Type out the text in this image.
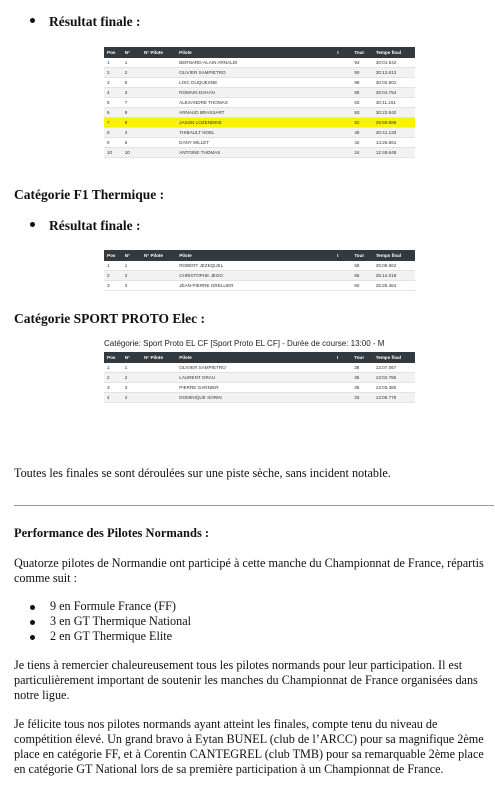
Résultat finale :
Pos	N°	N° Pilote	Pilote	I	Tour	Temps final
1	1		BERNARD-ALAIN ARNALDI		93	30:01.542
2	2		OLIVIER SAMPIETRO		90	30:13.613
3	5		LOIC DUQUESNE		88	30:02.801
4	3		ROMAIN DAHAN		88	30:04.754
5	7		ALEXANDRE THOMAS		83	30:11.161
6	9		ARNAUD BRASSART		83	30:22.842
7	8		JASON LOZENDEIE		82	29:59.886
8	4		THIBAULT NOEL		48	20:41.133
9	6		DANY MILLET		42	14:28.561
10	10		ANTOINE THOMAS		24	12:49.648
Catégorie F1 Thermique :
Résultat finale :
Pos	N°	N° Pilote	Pilote	I	Tour	Temps final
1	1		ROBERT JEZEQUEL		68	25:06.662
2	2		CHRISTOPHE JEGO		66	25:14.018
3	3		JEAN-PIERRE GRELLIER		60	25:25.464
Catégorie SPORT PROTO Elec :
Catégorie: Sport Proto EL CF [Sport Proto EL CF] - Durée de course: 13:00 - M
Pos	N°	N° Pilote	Pilote	I	Tour	Temps final
1	1		OLIVIER SAMPIETRO		38	13:07.067
2	2		LAURENT GRAU		36	13:02.786
3	3		PIERRE GARNIER		35	13:03.360
4	4		DOMINIQUE SORIN		33	13:06.779
Toutes les finales se sont déroulées sur une piste sèche, sans incident notable.
Performance des Pilotes Normands :
Quatorze pilotes de Normandie ont participé à cette manche du Championnat de France, répartis comme suit :
9 en Formule France (FF)
3 en GT Thermique National
2 en GT Thermique Elite
Je tiens à remercier chaleureusement tous les pilotes normands pour leur participation. Il est particulièrement important de soutenir les manches du Championnat de France organisées dans notre ligue.
Je félicite tous nos pilotes normands ayant atteint les finales, compte tenu du niveau de compétition élevé. Un grand bravo à Eytan BUNEL (club de l’ARCC) pour sa magnifique 2ème place en catégorie FF, et à Corentin CANTEGREL (club TMB) pour sa remarquable 2ème place en catégorie GT National lors de sa première participation à un Championnat de France.
